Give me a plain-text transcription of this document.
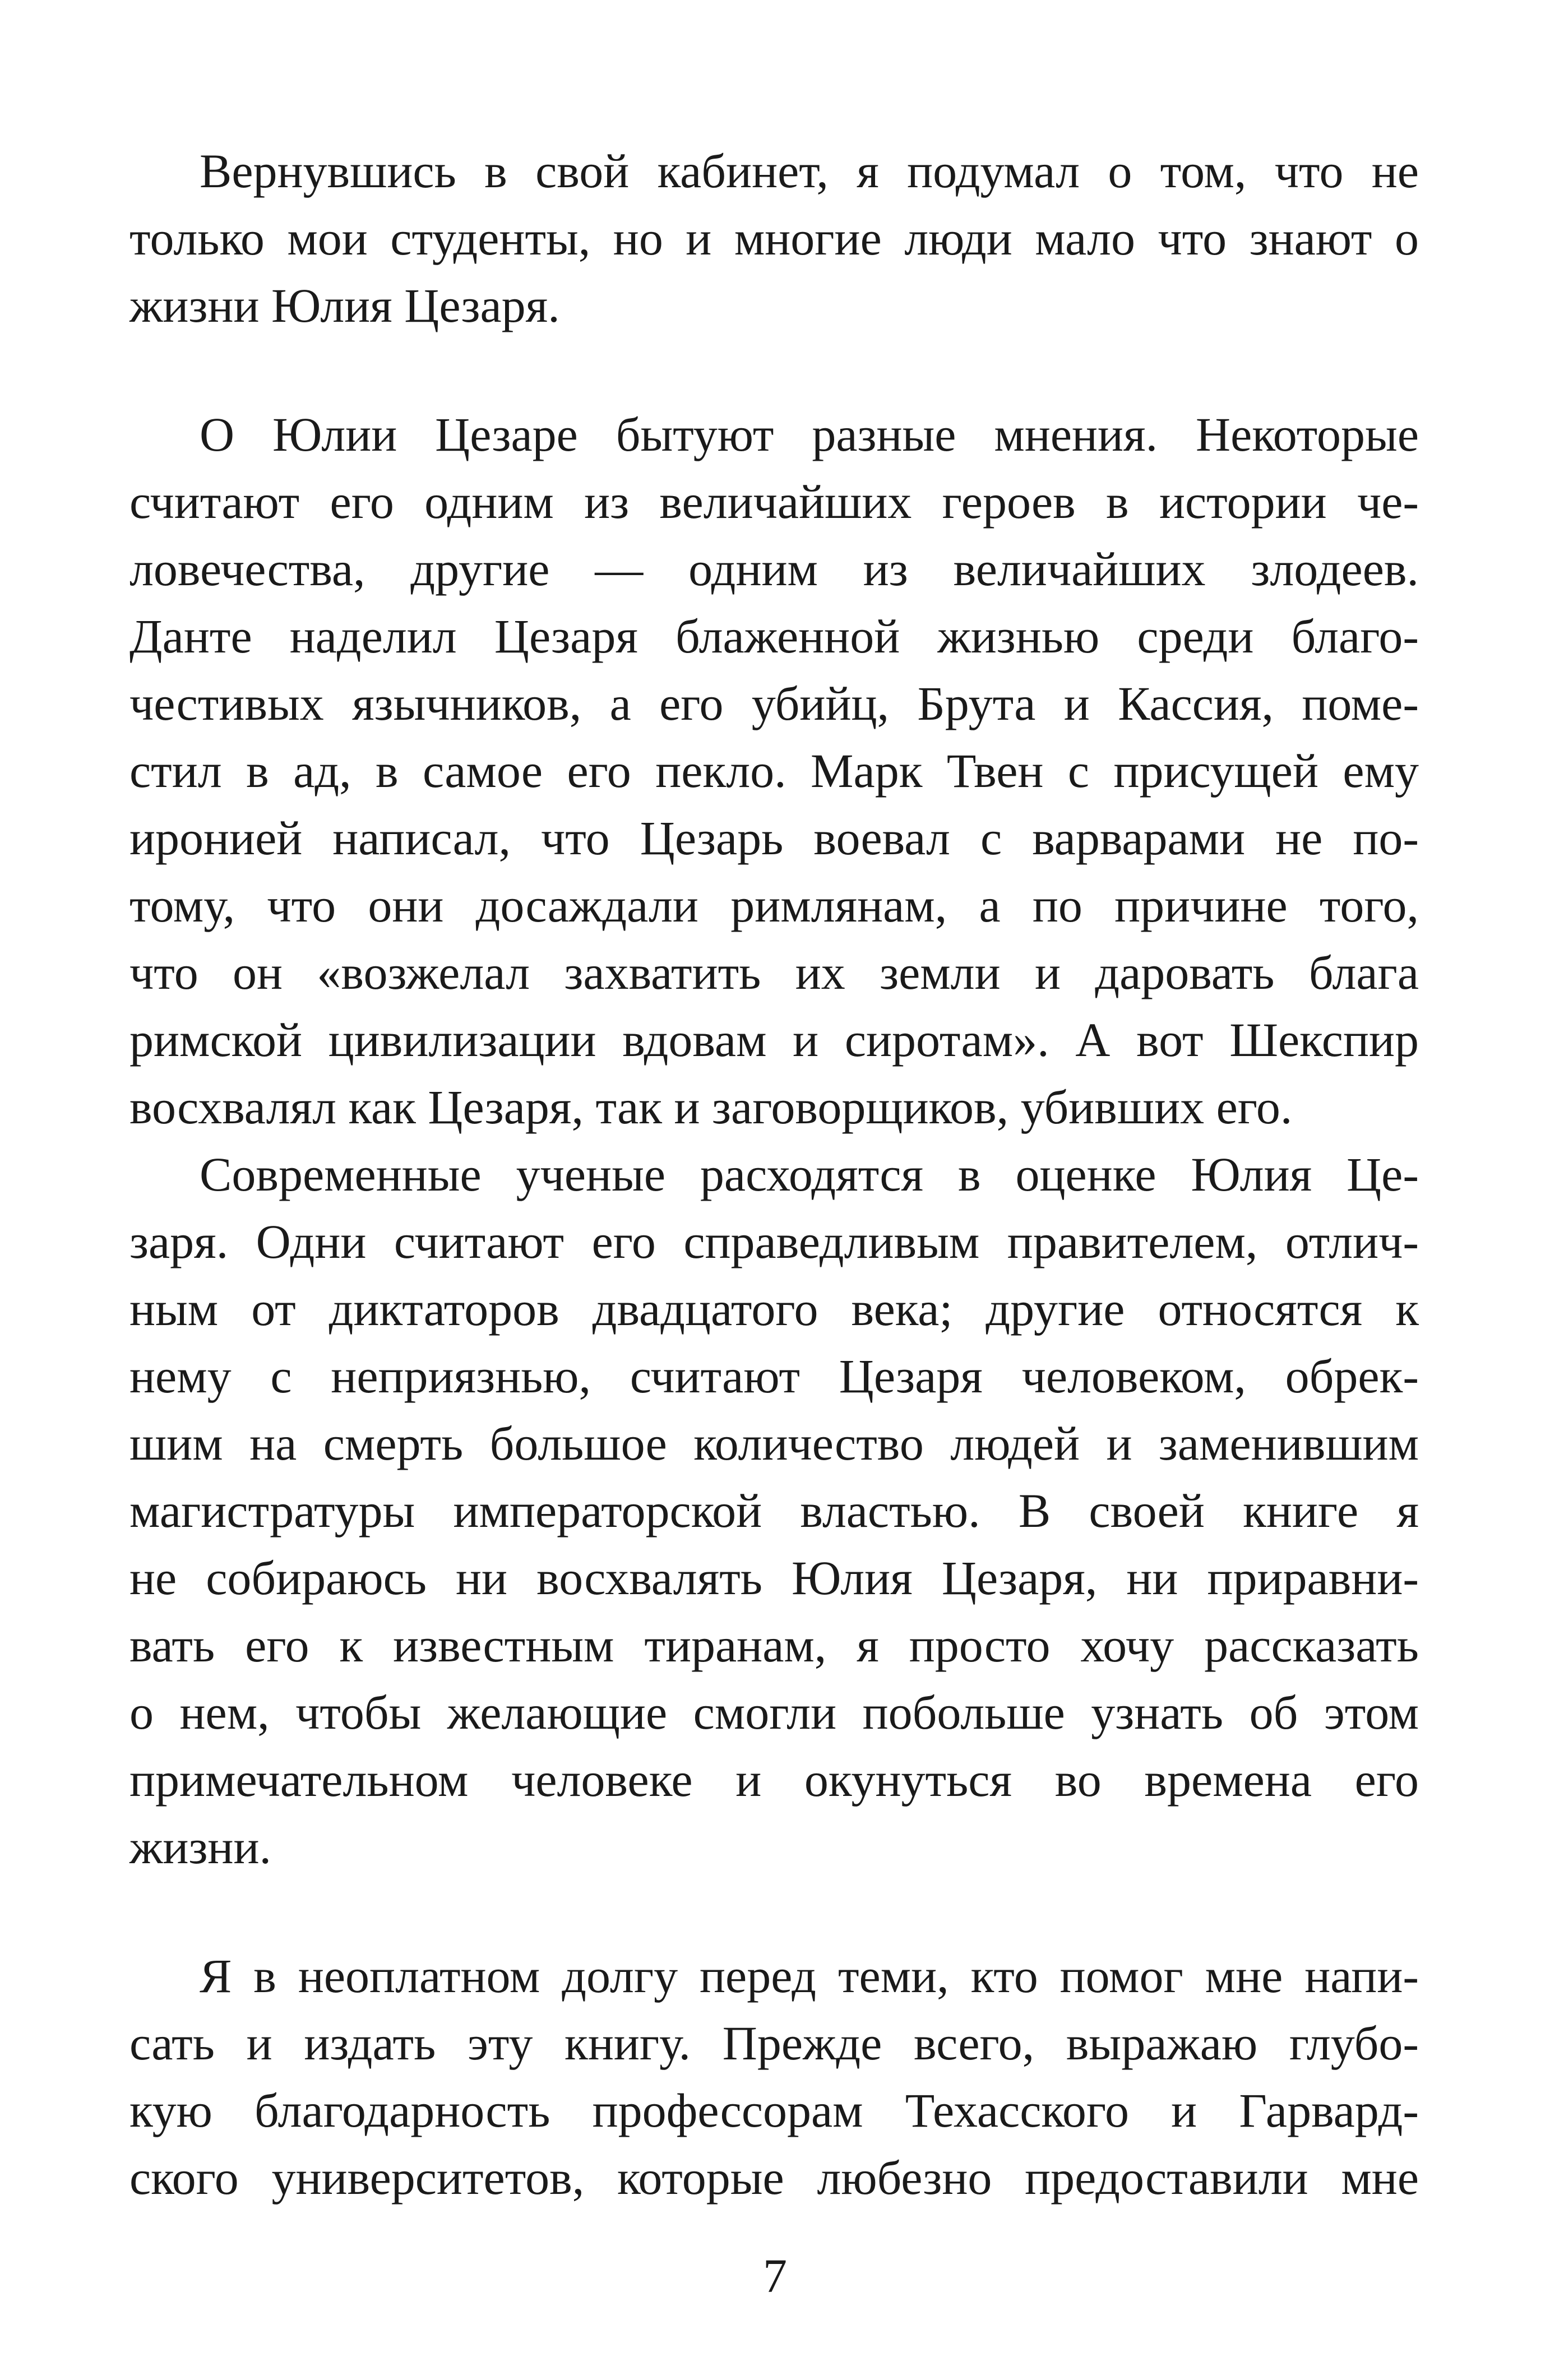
Вернувшись в свой кабинет, я подумал о том, что не
только мои студенты, но и многие люди мало что знают о
жизни Юлия Цезаря.
О Юлии Цезаре бытуют разные мнения. Некоторые
считают его одним из величайших героев в истории че-
ловечества, другие — одним из величайших злодеев.
Данте наделил Цезаря блаженной жизнью среди благо-
честивых язычников, а его убийц, Брута и Кассия, поме-
стил в ад, в самое его пекло. Марк Твен с присущей ему
иронией написал, что Цезарь воевал с варварами не по-
тому, что они досаждали римлянам, а по причине того,
что он «возжелал захватить их земли и даровать блага
римской цивилизации вдовам и сиротам». А вот Шекспир
восхвалял как Цезаря, так и заговорщиков, убивших его.
Современные ученые расходятся в оценке Юлия Це-
заря. Одни считают его справедливым правителем, отлич-
ным от диктаторов двадцатого века; другие относятся к
нему с неприязнью, считают Цезаря человеком, обрек-
шим на смерть большое количество людей и заменившим
магистратуры императорской властью. В своей книге я
не собираюсь ни восхвалять Юлия Цезаря, ни приравни-
вать его к известным тиранам, я просто хочу рассказать
о нем, чтобы желающие смогли побольше узнать об этом
примечательном человеке и окунуться во времена его
жизни.
Я в неоплатном долгу перед теми, кто помог мне напи-
сать и издать эту книгу. Прежде всего, выражаю глубо-
кую благодарность профессорам Техасского и Гарвард-
ского университетов, которые любезно предоставили мне
7
